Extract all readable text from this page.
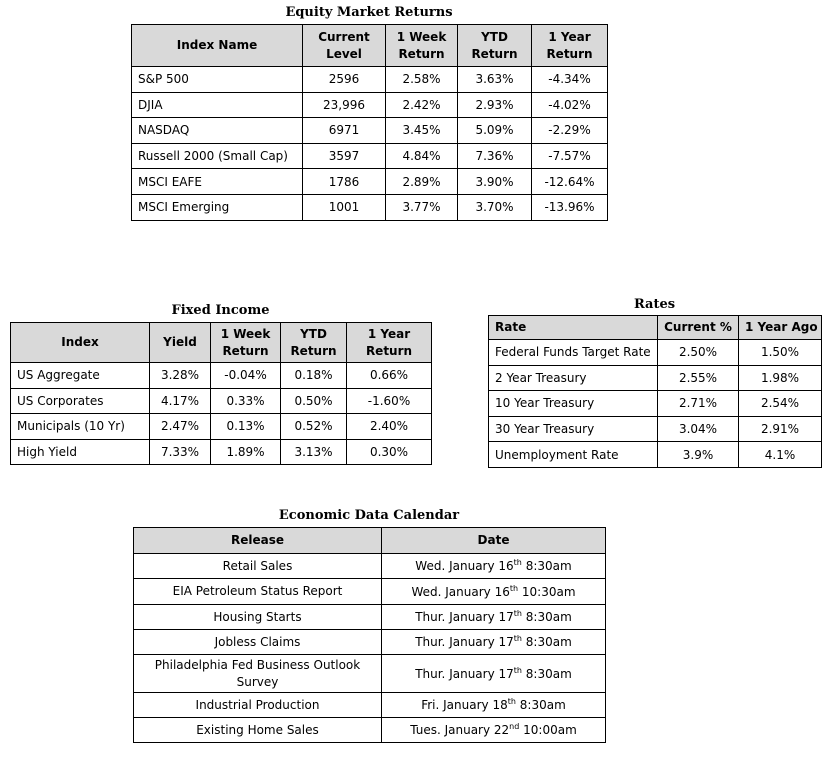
Equity Market Returns
Index Name	Current Level	1 Week Return	YTD Return	1 Year Return
S&P 500	2596	2.58%	3.63%	-4.34%
DJIA	23,996	2.42%	2.93%	-4.02%
NASDAQ	6971	3.45%	5.09%	-2.29%
Russell 2000 (Small Cap)	3597	4.84%	7.36%	-7.57%
MSCI EAFE	1786	2.89%	3.90%	-12.64%
MSCI Emerging	1001	3.77%	3.70%	-13.96%
Fixed Income
Index	Yield	1 Week Return	YTD Return	1 Year Return
US Aggregate	3.28%	-0.04%	0.18%	0.66%
US Corporates	4.17%	0.33%	0.50%	-1.60%
Municipals (10 Yr)	2.47%	0.13%	0.52%	2.40%
High Yield	7.33%	1.89%	3.13%	0.30%
Rates
Rate	Current %	1 Year Ago
Federal Funds Target Rate	2.50%	1.50%
2 Year Treasury	2.55%	1.98%
10 Year Treasury	2.71%	2.54%
30 Year Treasury	3.04%	2.91%
Unemployment Rate	3.9%	4.1%
Economic Data Calendar
Release	Date
Retail Sales	Wed. January 16th 8:30am
EIA Petroleum Status Report	Wed. January 16th 10:30am
Housing Starts	Thur. January 17th 8:30am
Jobless Claims	Thur. January 17th 8:30am
Philadelphia Fed Business Outlook Survey	Thur. January 17th 8:30am
Industrial Production	Fri. January 18th 8:30am
Existing Home Sales	Tues. January 22nd 10:00am
